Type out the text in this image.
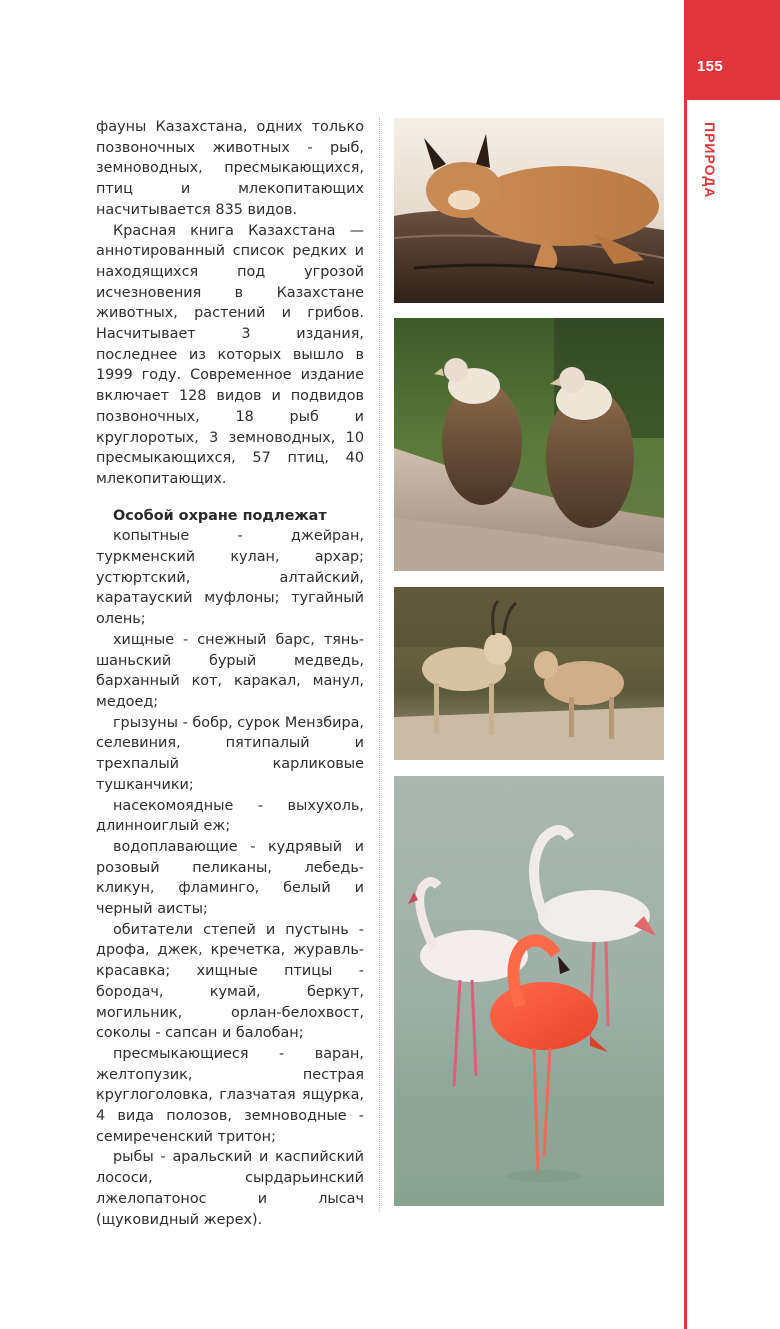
155
ПРИРОДА

фауны Казахстана, одних только позвоночных животных - рыб, земноводных, пресмыкающихся, птиц и млекопитающих насчитывается 835 видов.

Красная книга Казахстана — аннотированный список редких и находящихся под угрозой исчезновения в Казахстане животных, растений и грибов. Насчитывает 3 издания, последнее из которых вышло в 1999 году. Современное издание включает 128 видов и подвидов позвоночных, 18 рыб и круглоротых, 3 земноводных, 10 пресмыкающихся, 57 птиц, 40 млекопитающих.

Особой охране подлежат
копытные - джейран, туркменский кулан, архар; устюртский, алтайский, каратауский муфлоны; тугайный олень;
хищные - снежный барс, тянь-шаньский бурый медведь, барханный кот, каракал, манул, медоед;
грызуны - бобр, сурок Мензбира, селевиния, пятипалый и трехпалый карликовые тушканчики;
насекомоядные - выхухоль, длинноиглый еж;
водоплавающие - кудрявый и розовый пеликаны, лебедь-кликун, фламинго, белый и черный аисты;
обитатели степей и пустынь - дрофа, джек, кречетка, журавль-красавка; хищные птицы - бородач, кумай, беркут, могильник, орлан-белохвост, соколы - сапсан и балобан;
пресмыкающиеся - варан, желтопузик, пестрая круглоголовка, глазчатая ящурка, 4 вида полозов, земноводные - семиреченский тритон;
рыбы - аральский и каспийский лососи, сырдарьинский лжелопатонос и лысач (щуковидный жерех).
